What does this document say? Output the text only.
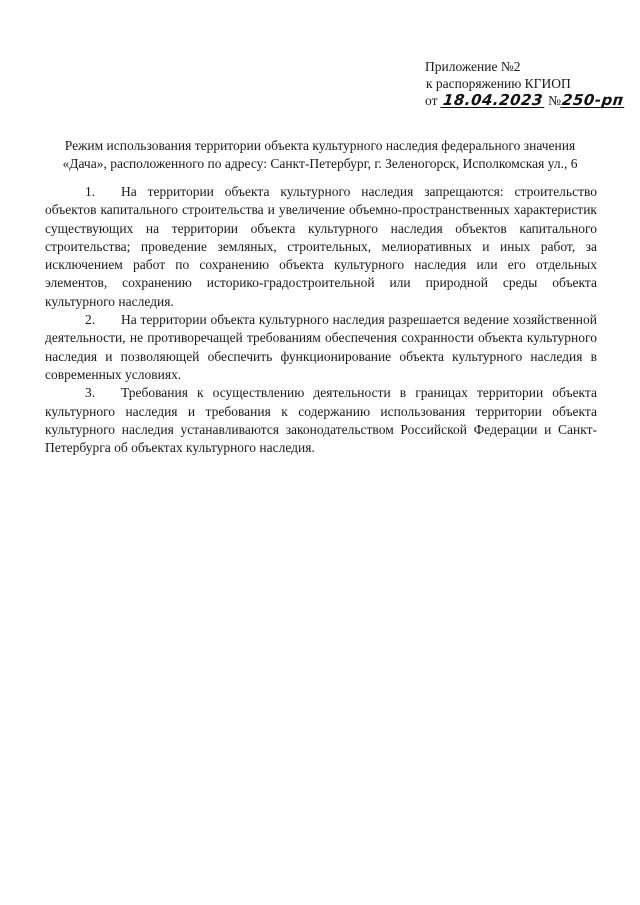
Приложение №2
к распоряжению КГИОП
от 18.04.2023 №250-рп
Режим использования территории объекта культурного наследия федерального значения
«Дача», расположенного по адресу: Санкт-Петербург, г. Зеленогорск, Исполкомская ул., 6

1. На территории объекта культурного наследия запрещаются: строительство объектов капитального строительства и увеличение объемно-пространственных характеристик существующих на территории объекта культурного наследия объектов капитального строительства; проведение земляных, строительных, мелиоративных и иных работ, за исключением работ по сохранению объекта культурного наследия или его отдельных элементов, сохранению историко-градостроительной или природной среды объекта культурного наследия.

2. На территории объекта культурного наследия разрешается ведение хозяйственной деятельности, не противоречащей требованиям обеспечения сохранности объекта культурного наследия и позволяющей обеспечить функционирование объекта культурного наследия в современных условиях.

3. Требования к осуществлению деятельности в границах территории объекта культурного наследия и требования к содержанию использования территории объекта культурного наследия устанавливаются законодательством Российской Федерации и Санкт-Петербурга об объектах культурного наследия.
